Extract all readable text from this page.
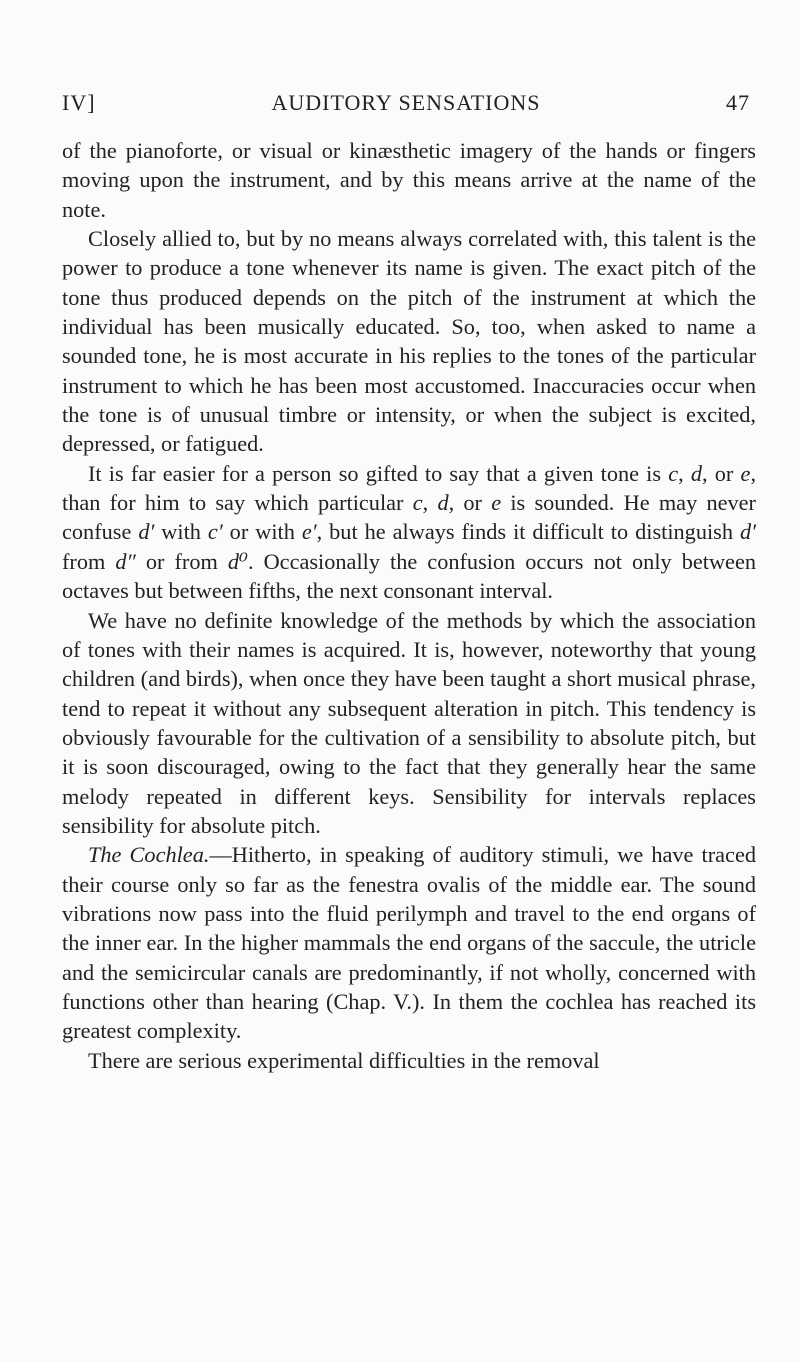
IV]	AUDITORY SENSATIONS	47

of the pianoforte, or visual or kinæsthetic imagery of the hands or fingers moving upon the instrument, and by this means arrive at the name of the note.

Closely allied to, but by no means always correlated with, this talent is the power to produce a tone whenever its name is given. The exact pitch of the tone thus produced depends on the pitch of the instrument at which the individual has been musically educated. So, too, when asked to name a sounded tone, he is most accurate in his replies to the tones of the particular instrument to which he has been most accustomed. Inaccuracies occur when the tone is of unusual timbre or intensity, or when the subject is excited, depressed, or fatigued.

It is far easier for a person so gifted to say that a given tone is c, d, or e, than for him to say which particular c, d, or e is sounded. He may never confuse d′ with c′ or with e′, but he always finds it difficult to distinguish d′ from d″ or from d⁰. Occasionally the confusion occurs not only between octaves but between fifths, the next consonant interval.

We have no definite knowledge of the methods by which the association of tones with their names is acquired. It is, however, noteworthy that young children (and birds), when once they have been taught a short musical phrase, tend to repeat it without any subsequent alteration in pitch. This tendency is obviously favourable for the cultivation of a sensibility to absolute pitch, but it is soon discouraged, owing to the fact that they generally hear the same melody repeated in different keys. Sensibility for intervals replaces sensibility for absolute pitch.

The Cochlea.—Hitherto, in speaking of auditory stimuli, we have traced their course only so far as the fenestra ovalis of the middle ear. The sound vibrations now pass into the fluid perilymph and travel to the end organs of the inner ear. In the higher mammals the end organs of the saccule, the utricle and the semicircular canals are predominantly, if not wholly, concerned with functions other than hearing (Chap. V.). In them the cochlea has reached its greatest complexity.

There are serious experimental difficulties in the removal
